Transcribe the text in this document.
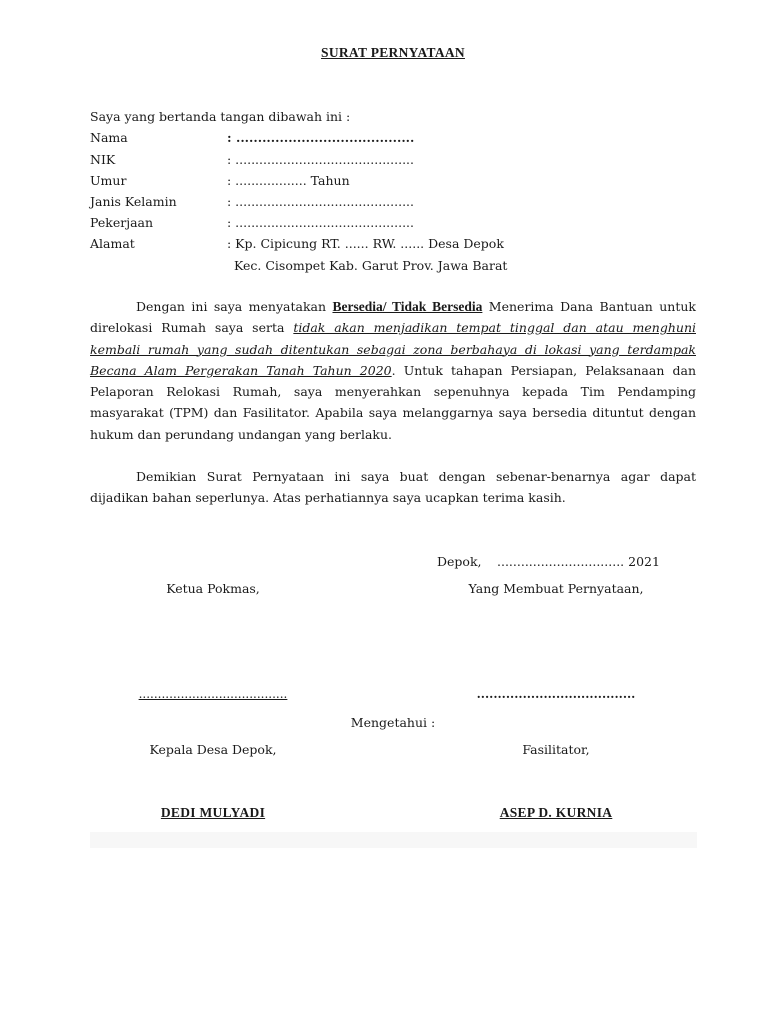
SURAT PERNYATAAN
Saya yang bertanda tangan dibawah ini :
Nama	: .........................................
NIK	: .............................................
Umur	: .................. Tahun
Janis Kelamin	: .............................................
Pekerjaan	: .............................................
Alamat	: Kp. Cipicung RT. ...... RW. ...... Desa Depok
Kec. Cisompet Kab. Garut Prov. Jawa Barat
Dengan ini saya menyatakan Bersedia/ Tidak Bersedia Menerima Dana Bantuan untuk direlokasi Rumah saya serta tidak akan menjadikan tempat tinggal dan atau menghuni kembali rumah yang sudah ditentukan sebagai zona berbahaya di lokasi yang terdampak Becana Alam Pergerakan Tanah Tahun 2020. Untuk tahapan Persiapan, Pelaksanaan dan Pelaporan Relokasi Rumah, saya menyerahkan sepenuhnya kepada Tim Pendamping masyarakat (TPM) dan Fasilitator. Apabila saya melanggarnya saya bersedia dituntut dengan hukum dan perundang undangan yang berlaku.
Demikian Surat Pernyataan ini saya buat dengan sebenar-benarnya agar dapat dijadikan bahan seperlunya. Atas perhatiannya saya ucapkan terima kasih.
Depok, ................................ 2021
Ketua Pokmas,	Yang Membuat Pernyataan,
.......................................	......................................
Mengetahui :
Kepala Desa Depok,	Fasilitator,
DEDI MULYADI	ASEP D. KURNIA
